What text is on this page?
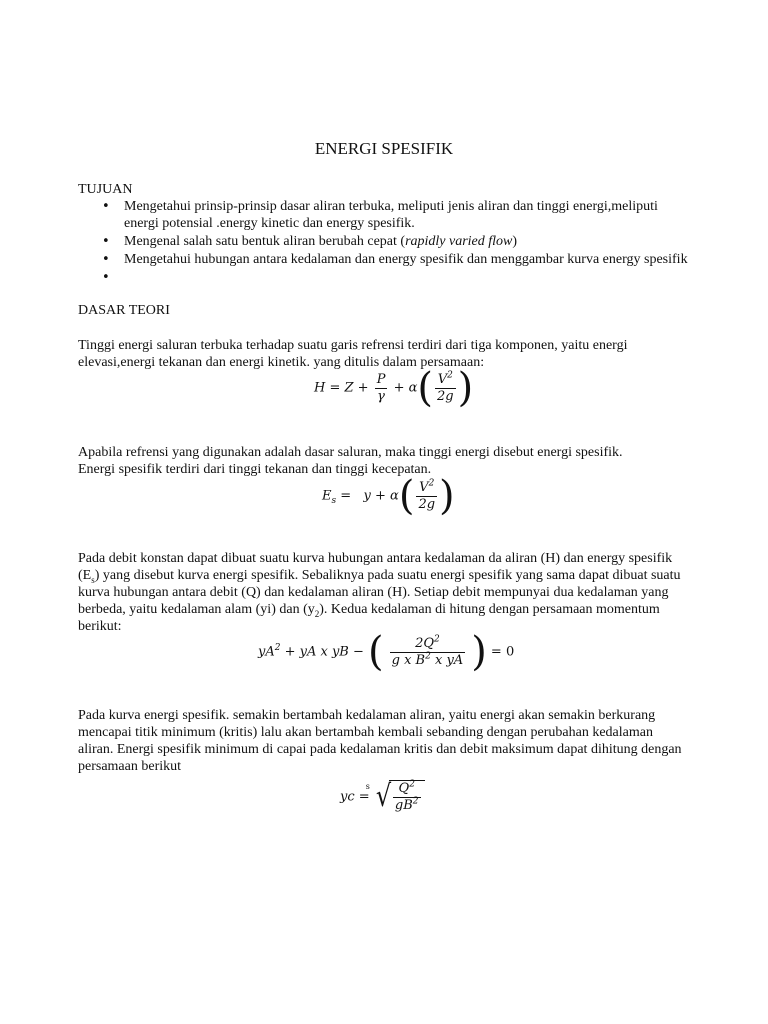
ENERGI SPESIFIK
TUJUAN
• Mengetahui prinsip-prinsip dasar aliran terbuka, meliputi jenis aliran dan tinggi energi,meliputi energi potensial .energy kinetic dan energy spesifik.
• Mengenal salah satu bentuk aliran berubah cepat (rapidly varied flow)
• Mengetahui hubungan antara kedalaman dan energy spesifik dan menggambar kurva energy spesifik
•
DASAR TEORI
Tinggi energi saluran terbuka terhadap suatu garis refrensi terdiri dari tiga komponen, yaitu energi elevasi,energi tekanan dan energi kinetik. yang ditulis dalam persamaan:
$H = Z + \frac{P}{\gamma} + \alpha( \frac{V^2}{2g}$ )
Apabila refrensi yang digunakan adalah dasar saluran, maka tinggi energi disebut energi spesifik.
Energi spesifik terdiri dari tinggi tekanan dan tinggi kecepatan.
$E_s = y + \alpha( \frac{V^2}{2g}$ )
Pada debit konstan dapat dibuat suatu kurva hubungan antara kedalaman da aliran (H) dan energy spesifik $(E_s)$ yang disebut kurva energi spesifik. Sebaliknya pada suatu energi spesifik yang sama dapat dibuat suatu kurva hubungan antara debit (Q) dan kedalaman aliran (H). Setiap debit mempunyai dua kedalaman yang berbeda, yaitu kedalaman alam (yi) dan $(y_2)$. Kedua kedalaman di hitung dengan persamaan momentum berikut:
$yA^2$ + yA x yB − ( $\frac{2Q^2}{g x B^2 x yA}$ ) = 0
Pada kurva energi spesifik. semakin bertambah kedalaman aliran, yaitu energi akan semakin berkurang mencapai titik minimum (kritis) lalu akan bertambah kembali sebanding dengan perubahan kedalaman aliran. Energi spesifik minimum di capai pada kedalaman kritis dan debit maksimum dapat dihitung dengan persamaan berikut
yc =
s √ $\frac{Q^2}{gB^2}$
